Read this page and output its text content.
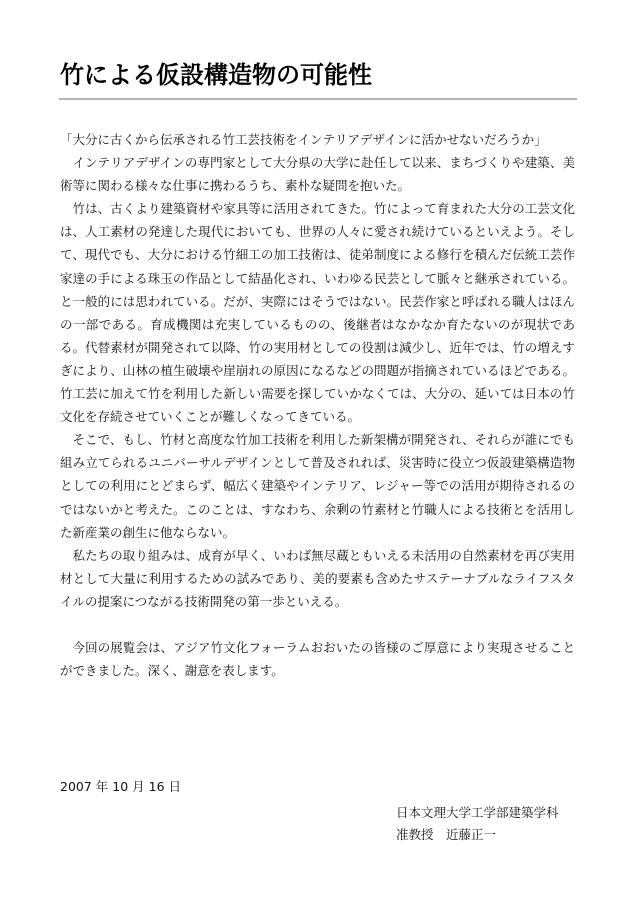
竹による仮設構造物の可能性

「大分に古くから伝承される竹工芸技術をインテリアデザインに活かせないだろうか」

インテリアデザインの専門家として大分県の大学に赴任して以来、まちづくりや建築、美術等に関わる様々な仕事に携わるうち、素朴な疑問を抱いた。

竹は、古くより建築資材や家具等に活用されてきた。竹によって育まれた大分の工芸文化は、人工素材の発達した現代においても、世界の人々に愛され続けているといえよう。そして、現代でも、大分における竹細工の加工技術は、徒弟制度による修行を積んだ伝統工芸作家達の手による珠玉の作品として結晶化され、いわゆる民芸として脈々と継承されている。と一般的には思われている。だが、実際にはそうではない。民芸作家と呼ばれる職人はほんの一部である。育成機関は充実しているものの、後継者はなかなか育たないのが現状である。代替素材が開発されて以降、竹の実用材としての役割は減少し、近年では、竹の増えすぎにより、山林の植生破壊や崖崩れの原因になるなどの問題が指摘されているほどである。竹工芸に加えて竹を利用した新しい需要を探していかなくては、大分の、延いては日本の竹文化を存続させていくことが難しくなってきている。

そこで、もし、竹材と高度な竹加工技術を利用した新架構が開発され、それらが誰にでも組み立てられるユニバーサルデザインとして普及されれば、災害時に役立つ仮設建築構造物としての利用にとどまらず、幅広く建築やインテリア、レジャー等での活用が期待されるのではないかと考えた。このことは、すなわち、余剰の竹素材と竹職人による技術とを活用した新産業の創生に他ならない。

私たちの取り組みは、成育が早く、いわば無尽蔵ともいえる未活用の自然素材を再び実用材として大量に利用するための試みであり、美的要素も含めたサステーナブルなライフスタイルの提案につながる技術開発の第一歩といえる。

今回の展覧会は、アジア竹文化フォーラムおおいたの皆様のご厚意により実現させることができました。深く、謝意を表します。

2007 年 10 月 16 日

日本文理大学工学部建築学科
准教授　近藤正一
